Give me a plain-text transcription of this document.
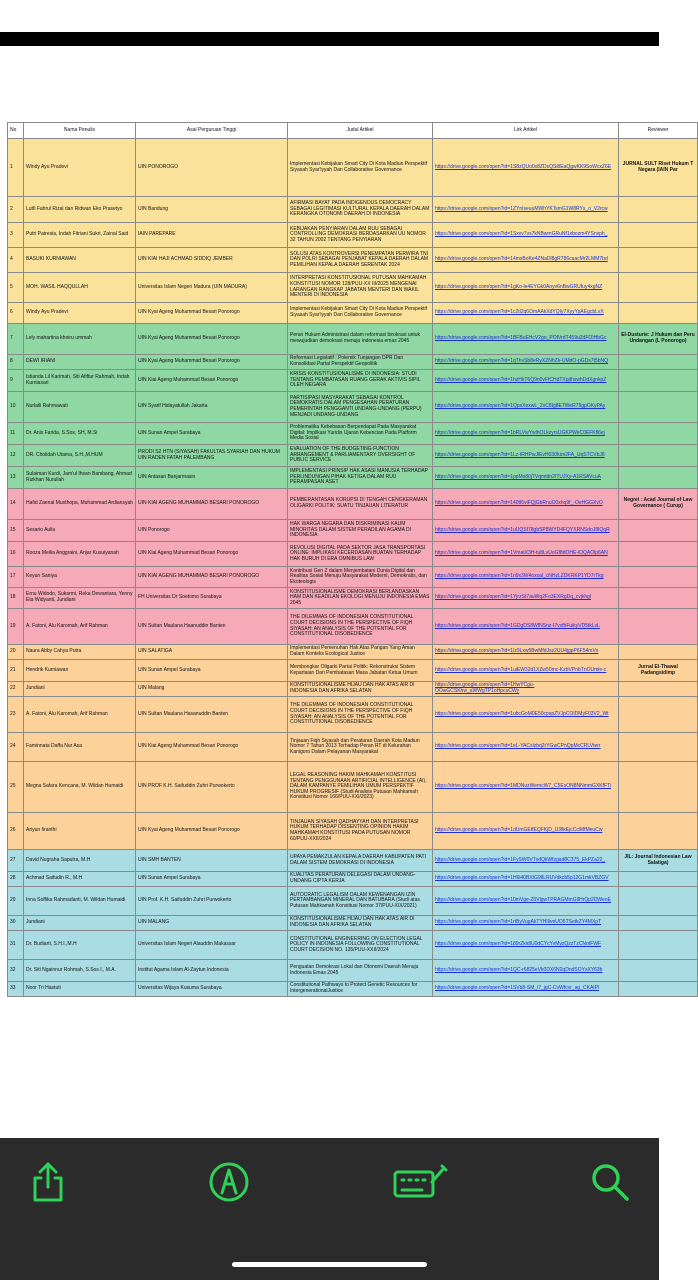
No	Nama Penulis	Asal Perguruan Tinggi	Judul Artikel	Lirk Artikel	Reviewer
1	Windy Ayu Pradevi	UIN PONOROGO	Implementasi Kebijakan Smart City Di Kota Madiun Perspektif Siyasah Syar'iyyah Dan Collaborative Governance	https://drive.google.com/open?id=1S8zQUo0x8ZDsQSi8EaQgwKK9SoWcxZ6E	JURNAL SULT Riset Hukum T Negara (IAIN Par
2	Lutfi Fahrul Rizal dan Ridwan Eko Prasetyo	UIN Bandung	AFIRMASI BAYAT PADA INDIGENOUS DEMOCRACY SEBAGAI LEGITIMASI KULTURAL KEPALA DAERAH DALAM KERANGKA OTONOMI DAERAH DI INDONESIA	https://drive.google.com/open?id=1ZYnIseuuMWhYKTsmG1W8RYs_o_V2rcw	
3	Putri Patresia, Indah Fitriani Sukri, Zainal Said	IAIN PAREPARE	KEBIJAKAN PENYIARAN DALAM RUU SEBAGAI CONTROLLING DEMOKRASI BERDASARKAN UU NOMOR 32 TAHUN 2002 TENTANG PENYIARAN	https://drive.google.com/open?id=1Sxvv7vs7kNBwmGRuNf1xbozm4YSnxph_	
4	BASUKI KURNIAWAN	UIN KIAI HAJI ACHMAD SIDDIQ JEMBER	SOLUSI ATAS KONTROVERSI PENEMPATAN PERWIRA TNI DAN POLRI SEBAGAI PENJABAT KEPALA DAERAH DALAM PEMILIHAN KEPALA DAERAH SERENTAK 2024	https://drive.google.com/open?id=14msBoKe4ZNaDl8gR786cuacMr2LMM7bd	
5	MOH. WASIL HAQQULLAH	Universitas Islam Negeri Madura (UIN MADURA)	INTERPRETASI KONSTITUSIONAL PUTUSAN MAHKAMAH KONSTITUSI NOMOR 128/PUU-XX III/2025 MENGENAI LARANGAN RANGKAP JABATAN MENTERI DAN WAKIL MENTERI DI INDONESIA	https://drive.google.com/open?id=1gKo-le4EYGk0Anyv6nBwGRUfuy4xgNZ	
6	Windy Ayu Pradevi	UIN Kyai Ageng Muhammad Besari Ponorogo	Implementasi Kebijakan Smart City Di Kota Madiun Perspektif Siyasah Syar'iyyah Dan Collaborative Governance	https://drive.google.com/open?id=1c2tl2q6OmAAkXdYQIy7XyyYpAEgcbLvX	
7	Lely mahartina khoiru ummah	UIN Kyai Ageng Muhammad Besari Ponorogo	Peran Hukum Administrasi dalam reformasi birokrasi untuk mewujudkan demokrasi menuju indonesia emas 2045	https://drive.google.com/open?id=1BFBuEHcV2go_POfVrdT459u2dFOIHbGc	El-Dusturie: J Hukum dan Peru Undangan (L Ponorogo)
8	DEWI IRIANI	UIN Kyai Ageng Muhammad Besari Ponorogo	Reformasi Legislatif : Polemik Tunjangan DPR Dan Konsolidasi Partai Perspektif Geopolitik	https://drive.google.com/open?id=1qThvSb8eRyXZNhZk-UMdO-pGDs7t5bNQ	
9	Istianda Lil Karimah, Siti Afiftur Rahmah, Indah Kurniasari	UIN Kiai Ageng Muhammad Besari Ponorogo	KRISIS KONSTITUSIONALISME DI INDONESIA: STUDI TENTANG PEMBATASAN RUANG GERAK AKTIVIS SIPIL OLEH NEGARA	https://drive.google.com/open?id=1hzHkT6Q9n0vFfCHdTXpjthswhDdXgnkpZ	
10	Nurlaili Rahmawati	UIN Syarif Hidayatullah Jakarta	PARTISIPASI MASYARAKAT SEBAGAI KONTROL DEMOKRATIS DALAM PENGESAHAN PERATURAN PEMERINTAH PENGGANTI UNDANG-UNDANG (PERPU) MENJADI UNDANG-UNDANG	https://drive.google.com/open?id=1QpxXexwL_2vC8Ig8E7WeR75gpOKyPAy	
11	Dr. Anis Farida, S.Sos, SH, M.Si	UIN Sunan Ampel Surabaya	Problematika Kebebasan Berpendapat Pada Masyarakat Digital: Implikasi Yuridis Ujaran Kebencian Pada Platform Media Sosial	https://drive.google.com/open?id=1bRLVwYwlhOLkzyrsUGKPWeC0EFKfl6ej	
12	DR. Cholidah Utama, S.H.,M.HUM	PRODI S2 HTN (SIYASAH) FAKULTAS SYARIAH DAN HUKUM UIN RADEN FATAH PALEMBANG	EVALUATION OF THE BUDGETING FUNCTION ARRANGEMENT & PARLIAMENTARY OVERSIGHT OF PUBLIC SERVICE	https://drive.google.com/open?id=1Lz-tRHPwJlEvH030fum2FA_UqSTCVbJ8	
13	Sulaiman Kurdi, Jam'ul Ihsan Bambang, Ahmad Rizkhan Nurullah	UIN Antasari Banjarmasin	IMPLEMENTASI PRINSIP HAK ASASI MANUSIA TERHADAP PERLINDUNGAN PIHAK KETIGA DALAM RUU PERAMPASAN ASET	https://drive.google.com/open?id=1ppMs80jTVqmtdn2ITUJXy-A1RSAVcuA	
14	Hafid Zaenal Musthopa, Muhammad Ardiansyah	UIN KIAI AGENG MUHAMMAD BESARI PONOROGO	PEMBERANTASAN KORUPSI DI TENGAH CENGKERAMAN OLIGARKI POLITIK: SUATU TINJAUAN LITERATUR	https://drive.google.com/open?id=140tI6viFQjGbRnuO0xhq9f_-OeHGGXvO	Negrei : Acad Journal of Law Governance ( Curup)
15	Sesario Aulia	UIN Ponorogo	HAK WARGA NEGARA DAN DISKRIMINASI KAUM MINORITAS DALAM SISTEM PERADILAN AGAMA DI INDONESIA	https://drive.google.com/open?id=1uUQSf78gbSP8WYD4FQYXRNSdoJ8IQqR	
16	Rooza Meilia Anggraini, Anjar Kusuiyanah	UIN Kiai Ageng Muhammad Besari Ponorogo	REVOLUSI DIGITAL PADA SEKTOR JASA TRANSPORTASI ONLINE: IMPLIKASI KECERDASAN BUATAN TERHADAP HAK BURUH DI ERA OMNIBUS LAW	https://drive.google.com/open?id=1VmatX3H-tu8LvUoGf8dOHE-lOQAOlp6AN	
17	Keyun Saniya	UIN KIAI AGENG MUHAMMAD BESARI PONOROGO	Kontribusi Gen Z dalam Menjembatani Dunia Digital dan Realitas Sosial Menuju Masyarakat Modernl, Demokratis, dan Ekoteologis	https://drive.google.com/open?id=1n9x3W4oxxal_cNHzLZDKRKP1YD7rTkg	
18	Ernu Widodo, Sukarmi, Reka Dewantara, Yenny Eta Widyanti, Jundiani	FH Universitas Dr Soetomo Surabaya	KONSTITUSIONALISME DEMOKRASI BERLANDASKAN HAM DAN KEADILAN EKOLOGI MENUJU INDONESIA EMAS 2045	https://drive.google.com/open?id=1YjrzSt7auWq2Fo3EXRgDq_cvjkhgl	
19	A. Fatoni, Alu Karomah, Arif Rahman	UIN Sultan Maulana Haanuddin Banten	THE DILEMMAS OF INDONESIAN CONSTITUTIONAL COURT DECISIONS IN THE PERSPECTIVE OF FIQH SIYASAH: AN ANALYSIS OF THE POTENTIAL FOR CONSTITUTIONAL DISOBEDIENCE	https://drive.google.com/open?id=1GDgDS8WfNSnz-I7vxfbFuikyVD5tkLvL	
20	Naura Abby Cahya Putra	UIN SALATIGA	Implementasi Pemenuhan Hak Atas Pangan Yang Aman Dalam Konteks Ecological Justice	https://drive.google.com/open?id=1Iz9Lxw5BwMfdJsz2UU4jgpP6F54mVx	
21	Hendrik Kurniawan	UIN Sunan Ampel Surabaya	Membongkar Oligarki Partai Politik: Rekonstruksi Sistem Kepartaian Dan Pembatasan Masa Jabatan Ketua Umum	https://drive.google.com/open?id=1uiEW32d1XZw50mc-KzbVPnbTnOUmle-c	Jurnal El-Thawal Padangsidimp
22	Jundiani	UIN Malang	KONSTITUSIONALISME HIJAU DAN HAK ATAS AIR DI INDONESIA DAN AFRIKA SELATAN	https://drive.google.com/open?id=1HwYCgu-OOwGCSKhw_aWWgTP1oHpcuCWy	
23	A. Fatoni, Alu Karomah, Arif Rahman	UIN Sultan Maulana Hasanuddin Banten	THE DILEMMAS OF INDONESIAN CONSTITUTIONAL COURT DECISIONS IN THE PERSPECTIVE OF FIQH SIYASAH: AN ANALYSIS OF THE POTENTIAL FOR CONSTITUTIONAL DISOBEDIENCE	https://drive.google.com/open?id=1ubcGoM0E50cpspZVJpCOIDMyF03V2_Wt	
24	Faminnata Daffa Nur Asa	UIN Kiai Ageng Muhammad Besari Ponorogo	Tinjauan Fiqh Siyasah dan Peraturan Daerah Kota Madiun Nomor 7 Tahun 2013 Terhadap Peran RT di Kelurahan Kanigoro Dalam Pelayanan Masyarakat	https://drive.google.com/open?id=1eL-YACslzbq2rYGwCPnQpMcCRLVterr	
25	Megna Safara Kencana, M. Wildan Humaidi	UIN PROF K.H. Saifuddin Zuhri Purwokerto	LEGAL REASONING HAKIM MAHKAMAH KONSTITUSI TENTANG PENGGUNAAN ARTIFICIAL INTELLIGENCE (AI), DALAM KAMPANYE PEMILIHAN UMUM PERSPEKTIF HUKUM PROGRESIF (Studi Analisis Putusan Mahkamah Konstitusi Nomor 166/PUU-XXI/2023)	https://drive.google.com/open?id=1MDNuzWemcW7_C5EsON8NNmmGXKfFTi	
26	Ariyun firanthi	UIN Kyai Ageng Muhammad Besari Ponorogo	TINJAUAN SIYASAH QADHAYYAH DAN INTERPRETASI HUKUM TERHADAP DISSENTING OPINION HAKIM MAHKAMAH KONSTITUSI PADA PUTUSAN NOMOR 60/PUU-XXII/2024	https://drive.google.com/open?id=1dUmGEtfEQFKjD_U3llkEjcCciMfMeuCw	
27	David Nugraha Saputra, M.H	UIN SMH BANTEN	UPAYA PEMAKZULAN KEPALA DAERAH KABUPATEN PATI DALAM SISTEM DEMOKRASI DI INDONESIA	https://drive.google.com/open?id=1FySW0VTxdQkWfzgad8C375_EkPZa22_	JIL: Journal Indonesian Law Salatiga)
28	Achmad Saifudin R., M.H	UIN Sunan Ampel Surabaya	KUALITAS PERATURAN DELEGASI DALAM UNDANG-UNDANG CIPTA KERJA	https://drive.google.com/open?id=1H6i40BXtG9IlLRUVdkcb5p12G1mkVBZGV	
29	Inna Soffika Rahmadanti, M. Wildan Humaidi	UIN Prof. K.H. Saifuddin Zuhri Purwokerto	AUTOCRATIC LEGALISM DALAM KEWENANGAN IZIN PERTAMBANGAN MINERAL DAN BATUBARA (Studi atas Putusan Mahkamah Konstitusi Nomor 37/PUU-XIX/2021)	https://drive.google.com/open?id=10mVge-Z0VlgwTPRAGMmGlIHrQp2DWeoE	
30	Jundiani	UIN MALANG	KONSTITUSIONALISME HIJAU DAN HAK ATAS AIR DI INDONESIA DAN AFRIKA SELATAN	https://drive.google.com/open?id=1rtByVugAkTYHlIiveUO5TSetkZY4MXpT	
31	Dr. Budiarti, S.H.I.,M.H	Universitas Islam Negeri Alauddin Makassar	CONSTITUTIONAL ENGINEERING ON ELECTION LEGAL POLICY IN INDONESIA FOLLOWING CONSTITUTIONAL COURT DECISION NO. 135/PUU-XXII/2024	https://drive.google.com/open?id=189rZkidIU0dCYcYvMyzQzzTzCNotFWF	
32	Dr. Siti Ngainnur Rohmah, S.Sos.I., M.A.	Institut Agama Islam Al-Zaytun Indonesia	Penguatan Demokrasi Lokal dan Otonomi Daerah Menuju Indonesia Emas 2045	https://drive.google.com/open?id=1QC-r6825eVk0DX6N2qDndSOYsXY63b	
33	Noor Tri Hastuti	Universitas Wijaya Kusuma Surabaya	Constitutional Pathways to Protect Genetic Resources for IntergenerationalJustice	https://drive.google.com/open?id=1SVb8-SM_i7_jgC-CvWfcvr_ag_CKAIPl	
